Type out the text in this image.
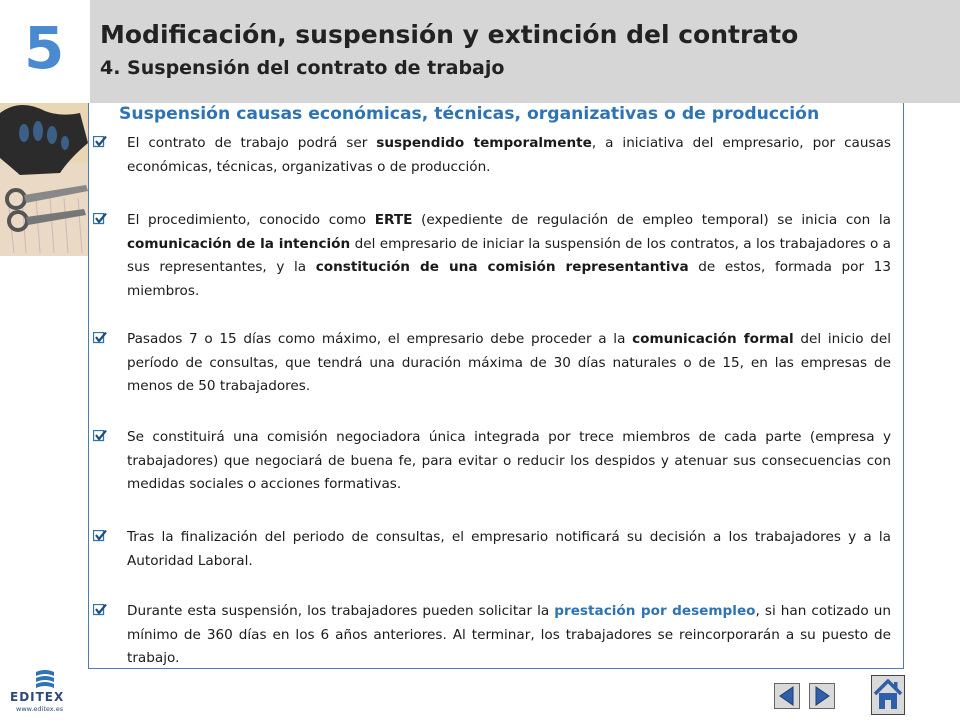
5 Modificación, suspensión y extinción del contrato
4. Suspensión del contrato de trabajo
Suspensión causas económicas, técnicas, organizativas o de producción
El contrato de trabajo podrá ser suspendido temporalmente, a iniciativa del empresario, por causas económicas, técnicas, organizativas o de producción.
El procedimiento, conocido como ERTE (expediente de regulación de empleo temporal) se inicia con la comunicación de la intención del empresario de iniciar la suspensión de los contratos, a los trabajadores o a sus representantes, y la constitución de una comisión representantiva de estos, formada por 13 miembros.
Pasados 7 o 15 días como máximo, el empresario debe proceder a la comunicación formal del inicio del período de consultas, que tendrá una duración máxima de 30 días naturales o de 15, en las empresas de menos de 50 trabajadores.
Se constituirá una comisión negociadora única integrada por trece miembros de cada parte (empresa y trabajadores) que negociará de buena fe, para evitar o reducir los despidos y atenuar sus consecuencias con medidas sociales o acciones formativas.
Tras la finalización del periodo de consultas, el empresario notificará su decisión a los trabajadores y a la Autoridad Laboral.
Durante esta suspensión, los trabajadores pueden solicitar la prestación por desempleo, si han cotizado un mínimo de 360 días en los 6 años anteriores. Al terminar, los trabajadores se reincorporarán a su puesto de trabajo.
EDITEX
www.editex.es
